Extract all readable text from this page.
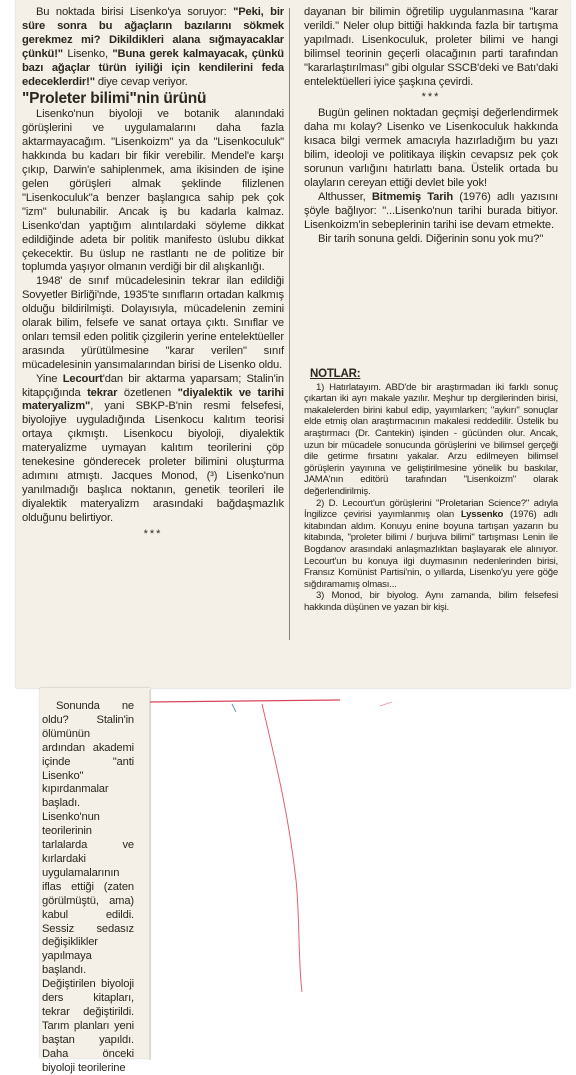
Bu noktada birisi Lisenko'ya soruyor: "Peki, bir süre sonra bu ağaçların bazılarını sökmek gerekmez mi? Dikildikleri alana sığmayacaklar çünkü!" Lisenko, "Buna gerek kalmayacak, çünkü bazı ağaçlar türün iyiliği için kendilerini feda edeceklerdir!" diye cevap veriyor.

"Proleter bilimi"nin ürünü

Lisenko'nun biyoloji ve botanik alanındaki görüşlerini ve uygulamalarını daha fazla aktarmayacağım. "Lisenkoizm" ya da "Lisenkoculuk" hakkında bu kadarı bir fikir verebilir. Mendel'e karşı çıkıp, Darwin'e sahiplenmek, ama ikisinden de işine gelen görüşleri almak şeklinde filizlenen "Lisenkoculuk"a benzer başlangıca sahip pek çok "izm" bulunabilir. Ancak iş bu kadarla kalmaz. Lisenko'dan yaptığım alıntılardaki söyleme dikkat edildiğinde adeta bir politik manifesto üslubu dikkat çekecektir. Bu üslup ne rastlantı ne de politize bir toplumda yaşıyor olmanın verdiği bir dil alışkanlığı.

1948' de sınıf mücadelesinin tekrar ilan edildiği Sovyetler Birliği'nde, 1935'te sınıfların ortadan kalkmış olduğu bildirilmişti. Dolayısıyla, mücadelenin zemini olarak bilim, felsefe ve sanat ortaya çıktı. Sınıflar ve onları temsil eden politik çizgilerin yerine entelektüeller arasında yürütülmesine "karar verilen" sınıf mücadelesinin yansımalarından birisi de Lisenko oldu.

Yine Lecourt'dan bir aktarma yaparsam; Stalin'in kitapçığında tekrar özetlenen "diyalektik ve tarihi materyalizm", yani SBKP-B'nin resmi felsefesi, biyolojiye uyguladığında Lisenkocu kalıtım teorisi ortaya çıkmıştı. Lisenkocu biyoloji, diyalektik materyalizme uymayan kalıtım teorilerini çöp tenekesine gönderecek proleter bilimini oluşturma adımını atmıştı. Jacques Monod, (³) Lisenko'nun yanılmadığı başlıca noktanın, genetik teorileri ile diyalektik materyalizm arasındaki bağdaşmazlık olduğunu belirtiyor.

***

Sonunda ne oldu? Stalin'in ölümünün ardından akademi içinde "anti Lisenko" kıpırdanmalar başladı. Lisenko'nun teorilerinin tarlalarda ve kırlardaki uygulamalarının iflas ettiği (zaten görülmüştü, ama) kabul edildi. Sessiz sedasız değişiklikler yapılmaya başlandı. Değiştirilen biyoloji ders kitapları, tekrar değiştirildi. Tarım planları yeni baştan yapıldı. Daha önceki biyoloji teorilerine

dayanan bir bilimin öğretilip uygulanmasına "karar verildi." Neler olup bittiği hakkında fazla bir tartışma yapılmadı. Lisenkoculuk, proleter bilimi ve hangi bilimsel teorinin geçerli olacağının parti tarafından "kararlaştırılması" gibi olgular SSCB'deki ve Batı'daki entelektüelleri iyice şaşkına çevirdi.

***

Bugün gelinen noktadan geçmişi değerlendirmek daha mı kolay? Lisenko ve Lisenkoculuk hakkında kısaca bilgi vermek amacıyla hazırladığım bu yazı bilim, ideoloji ve politikaya ilişkin cevapsız pek çok sorunun varlığını hatırlattı bana. Üstelik ortada bu olayların cereyan ettiği devlet bile yok!

Althusser, Bitmemiş Tarih (1976) adlı yazısını şöyle bağlıyor: "...Lisenko'nun tarihi burada bitiyor. Lisenkoizm'in sebeplerinin tarihi ise devam etmekte.

Bir tarih sonuna geldi. Diğerinin sonu yok mu?"

NOTLAR:

1) Hatırlatayım. ABD'de bir araştırmadan iki farklı sonuç çıkartan iki ayrı makale yazılır. Meşhur tıp dergilerinden birisi, makalelerden birini kabul edip, yayımlarken; "aykırı" sonuçlar elde etmiş olan araştırmacının makalesi reddedilir. Üstelik bu araştırmacı (Dr. Cantekin) işinden - gücünden olur. Ancak, uzun bir mücadele sonucunda görüşlerini ve bilimsel gerçeği dile getirme fırsatını yakalar. Arzu edilmeyen bilimsel görüşlerin yayınına ve geliştirilmesine yönelik bu baskılar, JAMA'nın editörü tarafından "Lisenkoizm" olarak değerlendirilmiş.

2) D. Lecourt'un görüşlerini "Proletarian Science?" adıyla İngilizce çevirisi yayımlanmış olan Lyssenko (1976) adlı kitabından aldım. Konuyu enine boyuna tartışan yazarın bu kitabında, "proleter bilimi / burjuva bilimi" tartışması Lenin ile Bogdanov arasındaki anlaşmazlıktan başlayarak ele alınıyor. Lecourt'un bu konuya ilgi duymasının nedenlerinden birisi, Fransız Komünist Partisi'nin, o yıllarda, Lisenko'yu yere göğe sığdıramamış olması...

3) Monod, bir biyolog. Aynı zamanda, bilim felsefesi hakkında düşünen ve yazan bir kişi.
